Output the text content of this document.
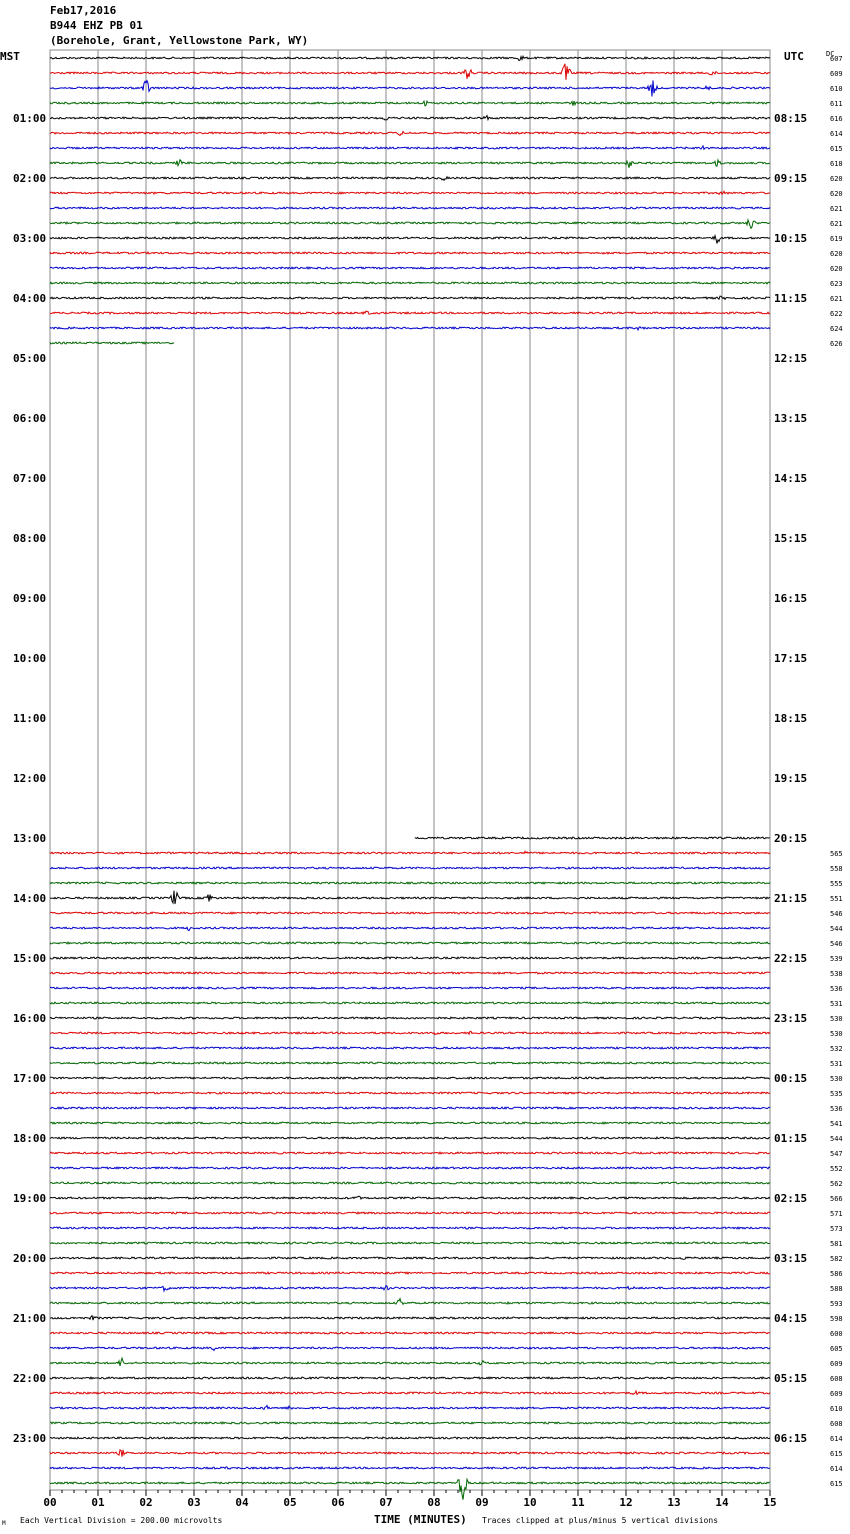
Feb17,2016
B944 EHZ PB 01
(Borehole, Grant, Yellowstone Park, WY)
MST	UTC	DC
01:00
02:00
03:00
04:00
05:00
06:00
07:00
08:00
09:00
10:00
11:00
12:00
13:00
14:00
15:00
16:00
17:00
18:00
19:00
20:00
21:00
22:00
23:00
08:15
09:15
10:15
11:15
12:15
13:15
14:15
15:15
16:15
17:15
18:15
19:15
20:15
21:15
22:15
23:15
00:15
01:15
02:15
03:15
04:15
05:15
06:15
607
609
610
611
616
614
615
618
620
620
621
621
619
620
620
623
621
622
624
626
565
558
555
551
546
544
546
539
538
536
531
530
530
532
531
530
535
536
541
544
547
552
562
566
571
573
581
582
586
588
593
598
600
605
609
608
609
610
608
614
615
614
615
00	01	02	03	04	05	06	07	08	09	10	11	12	13	14	15
M Each Vertical Division = 200.00 microvolts	TIME (MINUTES) Traces clipped at plus/minus 5 vertical divisions
